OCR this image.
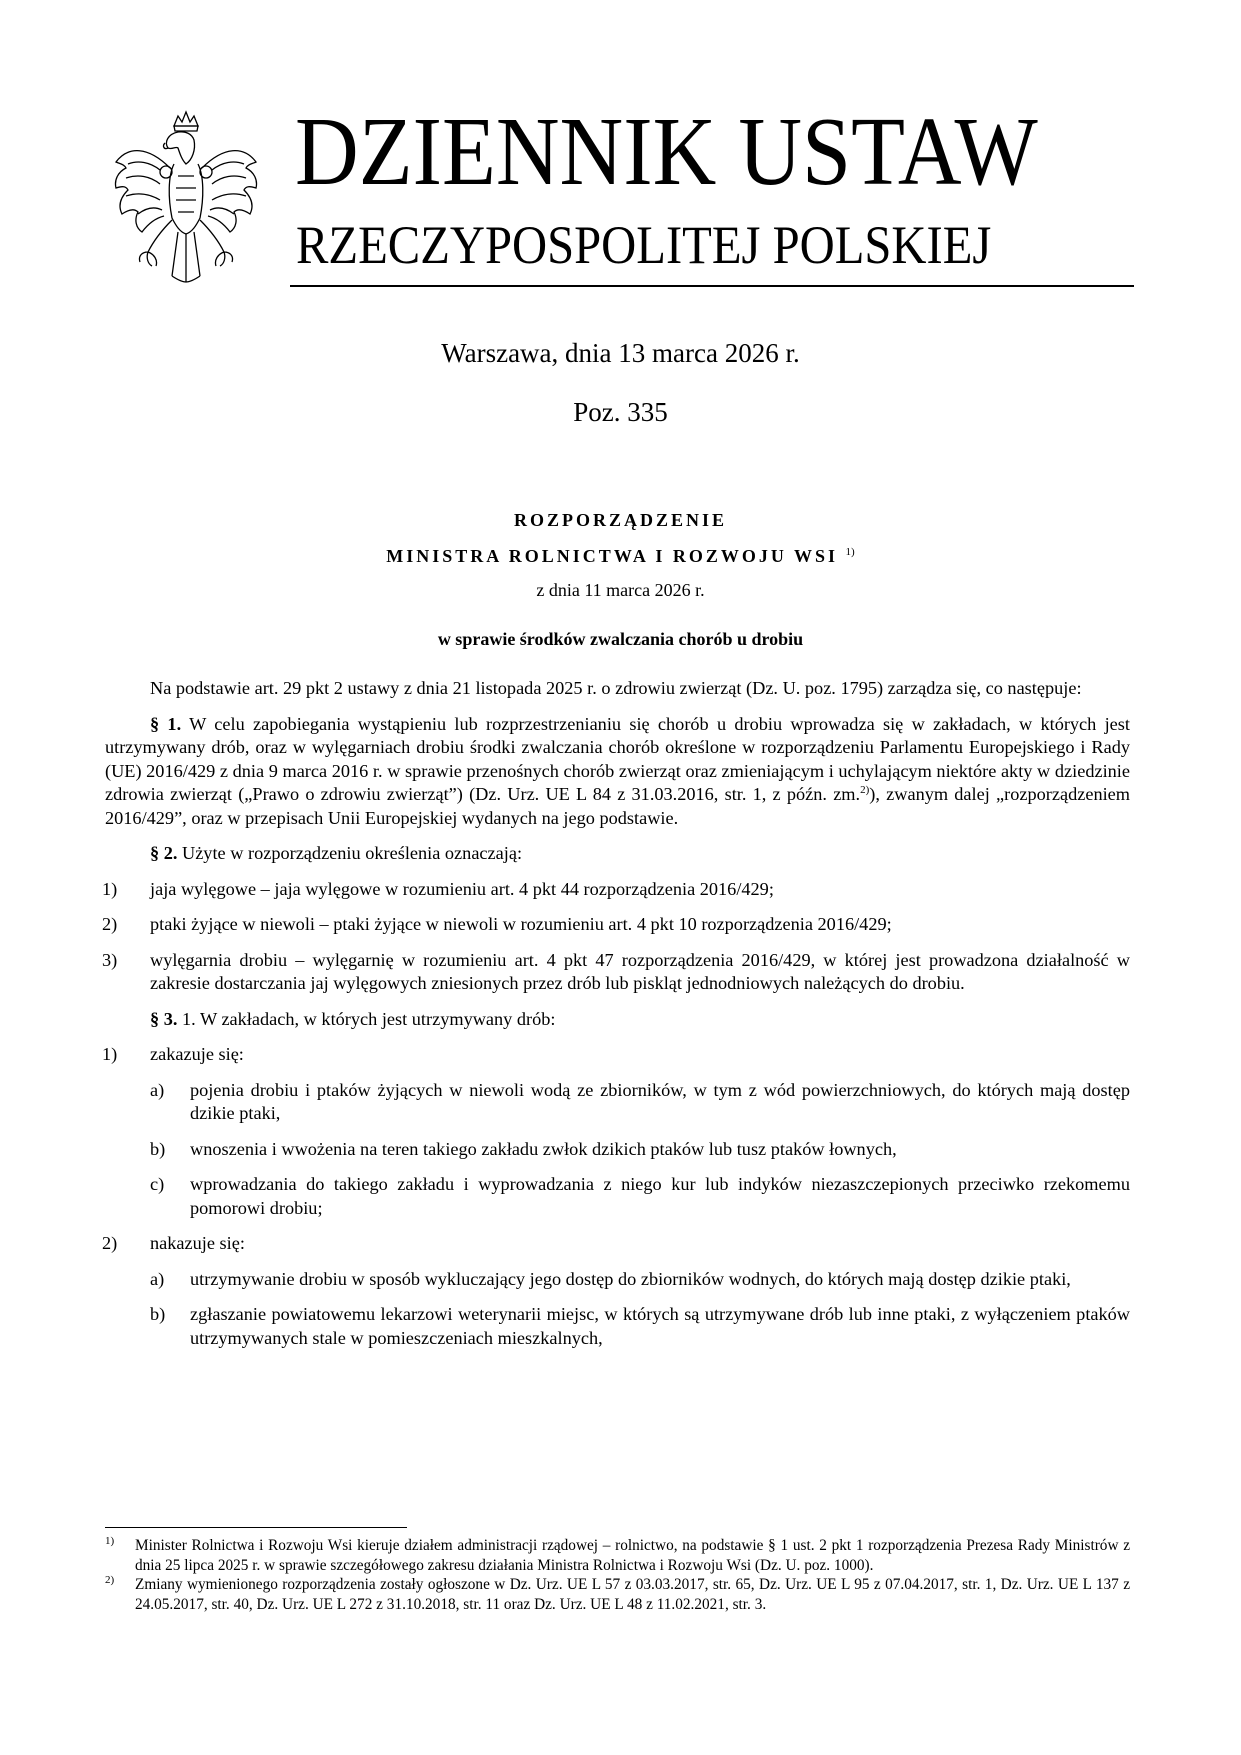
DZIENNIK USTAW
RZECZYPOSPOLITEJ POLSKIEJ
Warszawa, dnia 13 marca 2026 r.
Poz. 335
ROZPORZĄDZENIE
MINISTRA ROLNICTWA I ROZWOJU WSI $^{1)}$
z dnia 11 marca 2026 r.
w sprawie środków zwalczania chorób u drobiu

Na podstawie art. 29 pkt 2 ustawy z dnia 21 listopada 2025 r. o zdrowiu zwierząt (Dz. U. poz. 1795) zarządza się, co następuje:

§ 1. W celu zapobiegania wystąpieniu lub rozprzestrzenianiu się chorób u drobiu wprowadza się w zakładach, w których jest utrzymywany drób, oraz w wylęgarniach drobiu środki zwalczania chorób określone w rozporządzeniu Parlamentu Europejskiego i Rady (UE) 2016/429 z dnia 9 marca 2016 r. w sprawie przenośnych chorób zwierząt oraz zmieniającym i uchylającym niektóre akty w dziedzinie zdrowia zwierząt („Prawo o zdrowiu zwierząt”) (Dz. Urz. UE L 84 z 31.03.2016, str. 1, z późn. zm.$^{2)}$), zwanym dalej „rozporządzeniem 2016/429”, oraz w przepisach Unii Europejskiej wydanych na jego podstawie.

§ 2. Użyte w rozporządzeniu określenia oznaczają:

1) jaja wylęgowe – jaja wylęgowe w rozumieniu art. 4 pkt 44 rozporządzenia 2016/429;
2) ptaki żyjące w niewoli – ptaki żyjące w niewoli w rozumieniu art. 4 pkt 10 rozporządzenia 2016/429;
3) wylęgarnia drobiu – wylęgarnię w rozumieniu art. 4 pkt 47 rozporządzenia 2016/429, w której jest prowadzona działalność w zakresie dostarczania jaj wylęgowych zniesionych przez drób lub piskląt jednodniowych należących do drobiu.

§ 3. 1. W zakładach, w których jest utrzymywany drób:

1) zakazuje się:
a) pojenia drobiu i ptaków żyjących w niewoli wodą ze zbiorników, w tym z wód powierzchniowych, do których mają dostęp dzikie ptaki,
b) wnoszenia i wwożenia na teren takiego zakładu zwłok dzikich ptaków lub tusz ptaków łownych,
c) wprowadzania do takiego zakładu i wyprowadzania z niego kur lub indyków niezaszczepionych przeciwko rzekomemu pomorowi drobiu;
2) nakazuje się:
a) utrzymywanie drobiu w sposób wykluczający jego dostęp do zbiorników wodnych, do których mają dostęp dzikie ptaki,
b) zgłaszanie powiatowemu lekarzowi weterynarii miejsc, w których są utrzymywane drób lub inne ptaki, z wyłączeniem ptaków utrzymywanych stale w pomieszczeniach mieszkalnych,

1) Minister Rolnictwa i Rozwoju Wsi kieruje działem administracji rządowej – rolnictwo, na podstawie § 1 ust. 2 pkt 1 rozporządzenia Prezesa Rady Ministrów z dnia 25 lipca 2025 r. w sprawie szczegółowego zakresu działania Ministra Rolnictwa i Rozwoju Wsi (Dz. U. poz. 1000).

2) Zmiany wymienionego rozporządzenia zostały ogłoszone w Dz. Urz. UE L 57 z 03.03.2017, str. 65, Dz. Urz. UE L 95 z 07.04.2017, str. 1, Dz. Urz. UE L 137 z 24.05.2017, str. 40, Dz. Urz. UE L 272 z 31.10.2018, str. 11 oraz Dz. Urz. UE L 48 z 11.02.2021, str. 3.
